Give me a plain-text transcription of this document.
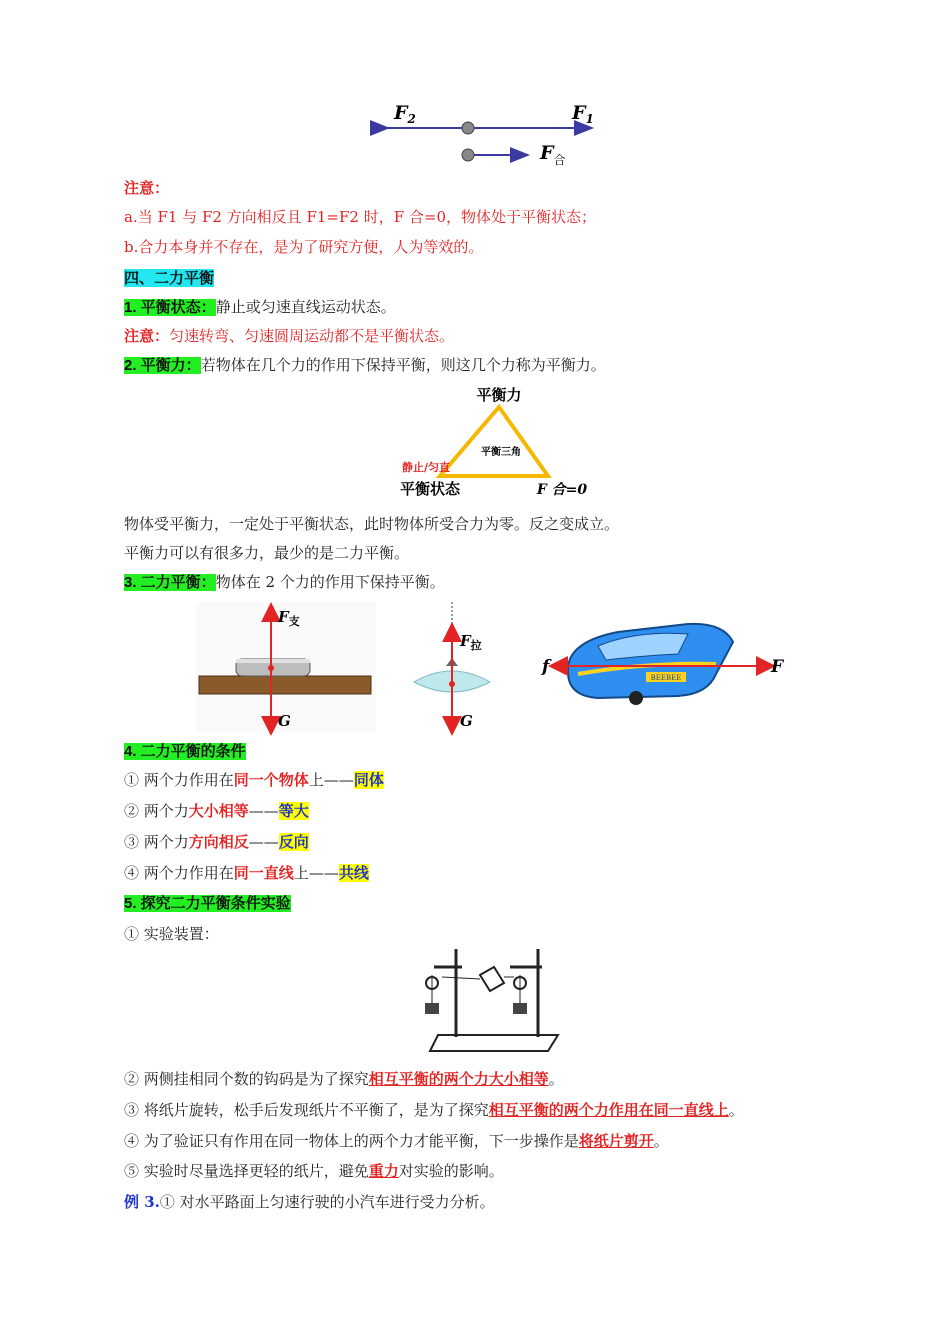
$F_2$	$F_1$
$F_合$
注意：
a.当 F1 与 F2 方向相反且 F1=F2 时，F 合=0，物体处于平衡状态；
b.合力本身并不存在，是为了研究方便，人为等效的。
四、二力平衡
1. 平衡状态：静止或匀速直线运动状态。
注意：匀速转弯、匀速圆周运动都不是平衡状态。
2. 平衡力：若物体在几个力的作用下保持平衡，则这几个力称为平衡力。
平衡力
平衡三角
静止/匀直
平衡状态	F 合=0
物体受平衡力，一定处于平衡状态，此时物体所受合力为零。反之变成立。
平衡力可以有很多力，最少的是二力平衡。
3. 二力平衡：物体在 2 个力的作用下保持平衡。
$F_支$
G
$F_拉$
G
BEEBEE
f	F
4. 二力平衡的条件
① 两个力作用在同一个物体上——同体
② 两个力大小相等——等大
③ 两个力方向相反——反向
④ 两个力作用在同一直线上——共线
5. 探究二力平衡条件实验
① 实验装置：
② 两侧挂相同个数的钩码是为了探究相互平衡的两个力大小相等。
③ 将纸片旋转，松手后发现纸片不平衡了，是为了探究相互平衡的两个力作用在同一直线上。
④ 为了验证只有作用在同一物体上的两个力才能平衡，下一步操作是将纸片剪开。
⑤ 实验时尽量选择更轻的纸片，避免重力对实验的影响。
例 3.① 对水平路面上匀速行驶的小汽车进行受力分析。
